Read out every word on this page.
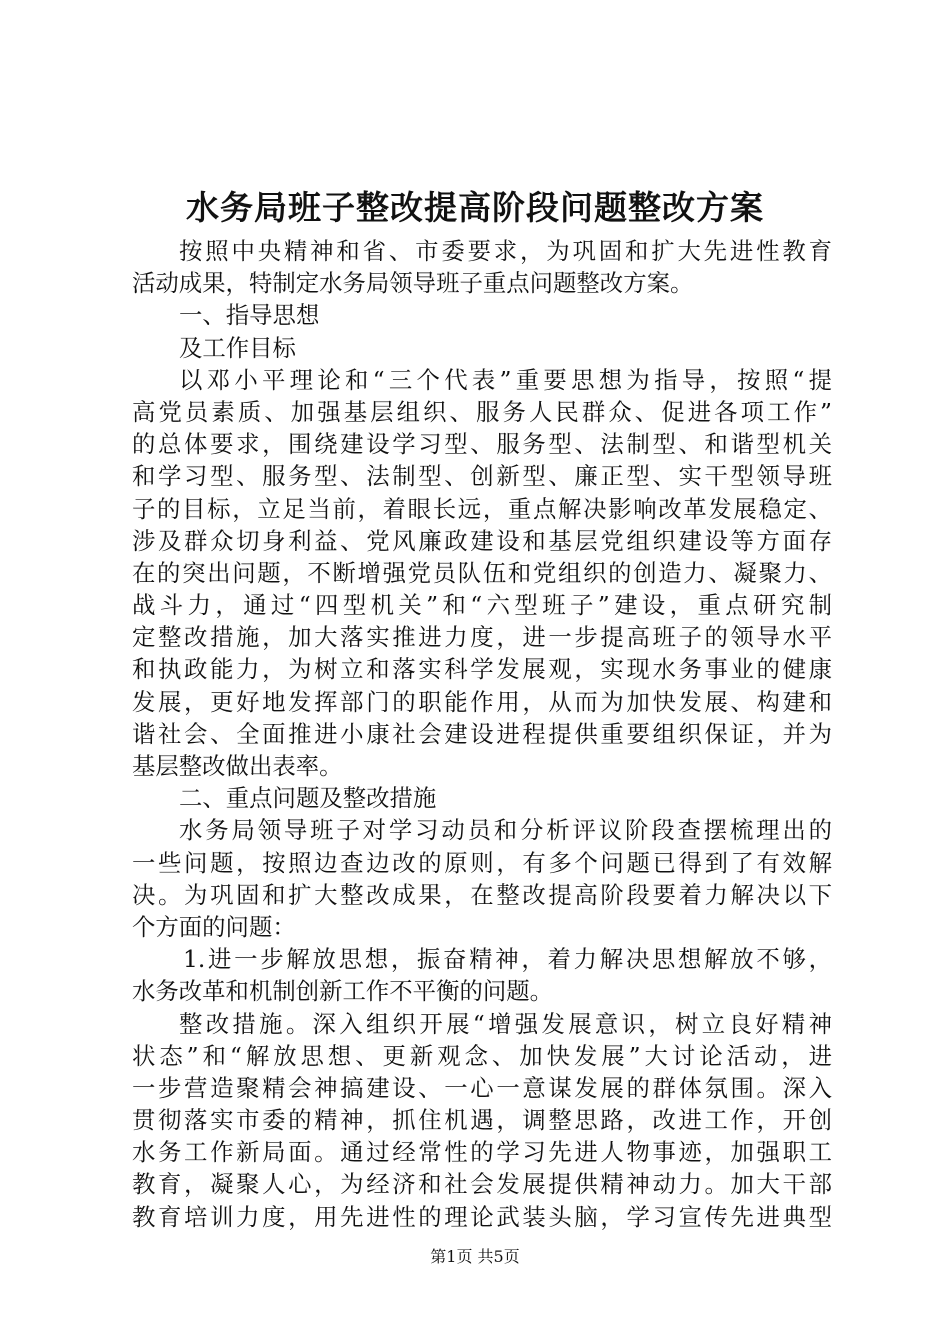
水务局班子整改提高阶段问题整改方案
按照中央精神和省、市委要求，为巩固和扩大先进性教育
活动成果，特制定水务局领导班子重点问题整改方案。
一、指导思想
及工作目标
以邓小平理论和“三个代表”重要思想为指导，按照“提
高党员素质、加强基层组织、服务人民群众、促进各项工作”
的总体要求，围绕建设学习型、服务型、法制型、和谐型机关
和学习型、服务型、法制型、创新型、廉正型、实干型领导班
子的目标，立足当前，着眼长远，重点解决影响改革发展稳定、
涉及群众切身利益、党风廉政建设和基层党组织建设等方面存
在的突出问题，不断增强党员队伍和党组织的创造力、凝聚力、
战斗力，通过“四型机关”和“六型班子”建设，重点研究制
定整改措施，加大落实推进力度，进一步提高班子的领导水平
和执政能力，为树立和落实科学发展观，实现水务事业的健康
发展，更好地发挥部门的职能作用，从而为加快发展、构建和
谐社会、全面推进小康社会建设进程提供重要组织保证，并为
基层整改做出表率。
二、重点问题及整改措施
水务局领导班子对学习动员和分析评议阶段查摆梳理出的
一些问题，按照边查边改的原则，有多个问题已得到了有效解
决。为巩固和扩大整改成果，在整改提高阶段要着力解决以下
个方面的问题：
1.进一步解放思想，振奋精神，着力解决思想解放不够，
水务改革和机制创新工作不平衡的问题。
整改措施。深入组织开展“增强发展意识，树立良好精神
状态”和“解放思想、更新观念、加快发展”大讨论活动，进
一步营造聚精会神搞建设、一心一意谋发展的群体氛围。深入
贯彻落实市委的精神，抓住机遇，调整思路，改进工作，开创
水务工作新局面。通过经常性的学习先进人物事迹，加强职工
教育，凝聚人心，为经济和社会发展提供精神动力。加大干部
教育培训力度，用先进性的理论武装头脑，学习宣传先进典型
第1页 共5页
